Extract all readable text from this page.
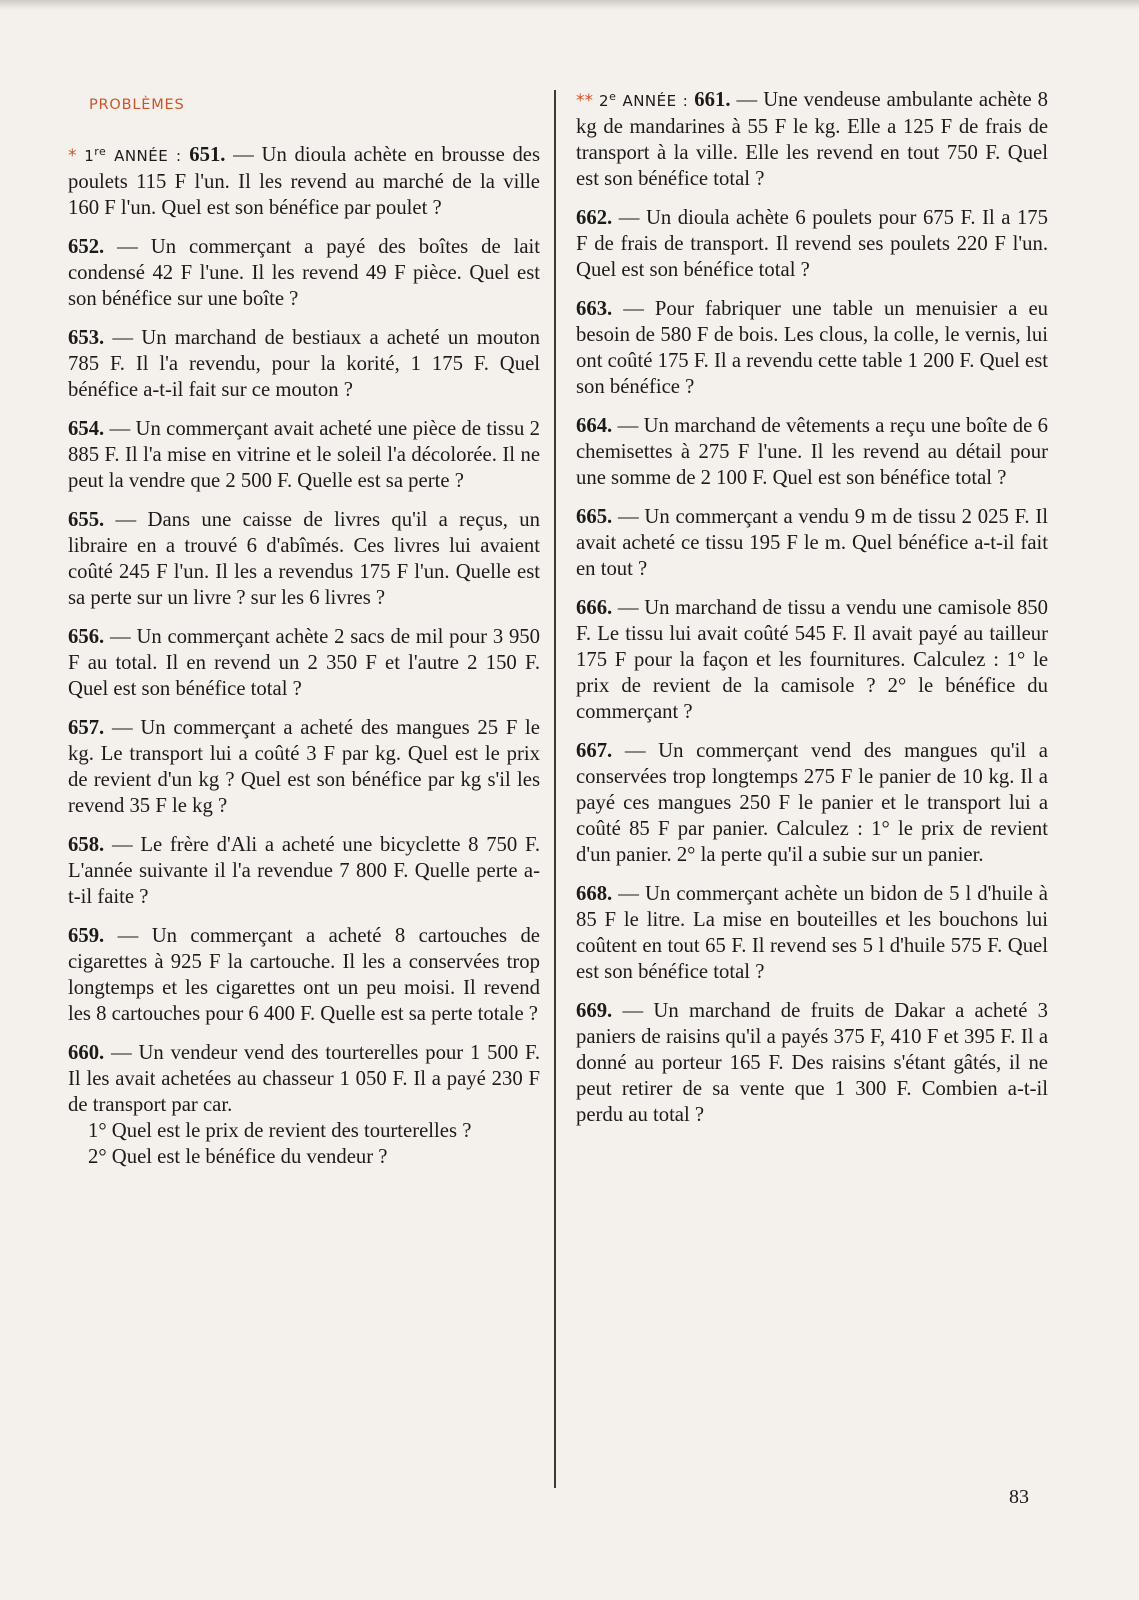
PROBLÈMES
* 1re ANNÉE : 651. — Un dioula achète en brousse des poulets 115 F l'un. Il les revend au marché de la ville 160 F l'un. Quel est son bénéfice par poulet ?
652. — Un commerçant a payé des boîtes de lait condensé 42 F l'une. Il les revend 49 F pièce. Quel est son bénéfice sur une boîte ?
653. — Un marchand de bestiaux a acheté un mouton 785 F. Il l'a revendu, pour la korité, 1 175 F. Quel bénéfice a-t-il fait sur ce mouton ?
654. — Un commerçant avait acheté une pièce de tissu 2 885 F. Il l'a mise en vitrine et le soleil l'a décolorée. Il ne peut la vendre que 2 500 F. Quelle est sa perte ?
655. — Dans une caisse de livres qu'il a reçus, un libraire en a trouvé 6 d'abîmés. Ces livres lui avaient coûté 245 F l'un. Il les a revendus 175 F l'un. Quelle est sa perte sur un livre ? sur les 6 livres ?
656. — Un commerçant achète 2 sacs de mil pour 3 950 F au total. Il en revend un 2 350 F et l'autre 2 150 F. Quel est son bénéfice total ?
657. — Un commerçant a acheté des mangues 25 F le kg. Le transport lui a coûté 3 F par kg. Quel est le prix de revient d'un kg ? Quel est son bénéfice par kg s'il les revend 35 F le kg ?
658. — Le frère d'Ali a acheté une bicyclette 8 750 F. L'année suivante il l'a revendue 7 800 F. Quelle perte a-t-il faite ?
659. — Un commerçant a acheté 8 cartouches de cigarettes à 925 F la cartouche. Il les a conservées trop longtemps et les cigarettes ont un peu moisi. Il revend les 8 cartouches pour 6 400 F. Quelle est sa perte totale ?
660. — Un vendeur vend des tourterelles pour 1 500 F. Il les avait achetées au chasseur 1 050 F. Il a payé 230 F de transport par car.
1° Quel est le prix de revient des tourterelles ?
2° Quel est le bénéfice du vendeur ?
** 2e ANNÉE : 661. — Une vendeuse ambulante achète 8 kg de mandarines à 55 F le kg. Elle a 125 F de frais de transport à la ville. Elle les revend en tout 750 F. Quel est son bénéfice total ?
662. — Un dioula achète 6 poulets pour 675 F. Il a 175 F de frais de transport. Il revend ses poulets 220 F l'un. Quel est son bénéfice total ?
663. — Pour fabriquer une table un menuisier a eu besoin de 580 F de bois. Les clous, la colle, le vernis, lui ont coûté 175 F. Il a revendu cette table 1 200 F. Quel est son bénéfice ?
664. — Un marchand de vêtements a reçu une boîte de 6 chemisettes à 275 F l'une. Il les revend au détail pour une somme de 2 100 F. Quel est son bénéfice total ?
665. — Un commerçant a vendu 9 m de tissu 2 025 F. Il avait acheté ce tissu 195 F le m. Quel bénéfice a-t-il fait en tout ?
666. — Un marchand de tissu a vendu une camisole 850 F. Le tissu lui avait coûté 545 F. Il avait payé au tailleur 175 F pour la façon et les fournitures. Calculez : 1° le prix de revient de la camisole ? 2° le bénéfice du commerçant ?
667. — Un commerçant vend des mangues qu'il a conservées trop longtemps 275 F le panier de 10 kg. Il a payé ces mangues 250 F le panier et le transport lui a coûté 85 F par panier. Calculez : 1° le prix de revient d'un panier. 2° la perte qu'il a subie sur un panier.
668. — Un commerçant achète un bidon de 5 l d'huile à 85 F le litre. La mise en bouteilles et les bouchons lui coûtent en tout 65 F. Il revend ses 5 l d'huile 575 F. Quel est son bénéfice total ?
669. — Un marchand de fruits de Dakar a acheté 3 paniers de raisins qu'il a payés 375 F, 410 F et 395 F. Il a donné au porteur 165 F. Des raisins s'étant gâtés, il ne peut retirer de sa vente que 1 300 F. Combien a-t-il perdu au total ?
83
